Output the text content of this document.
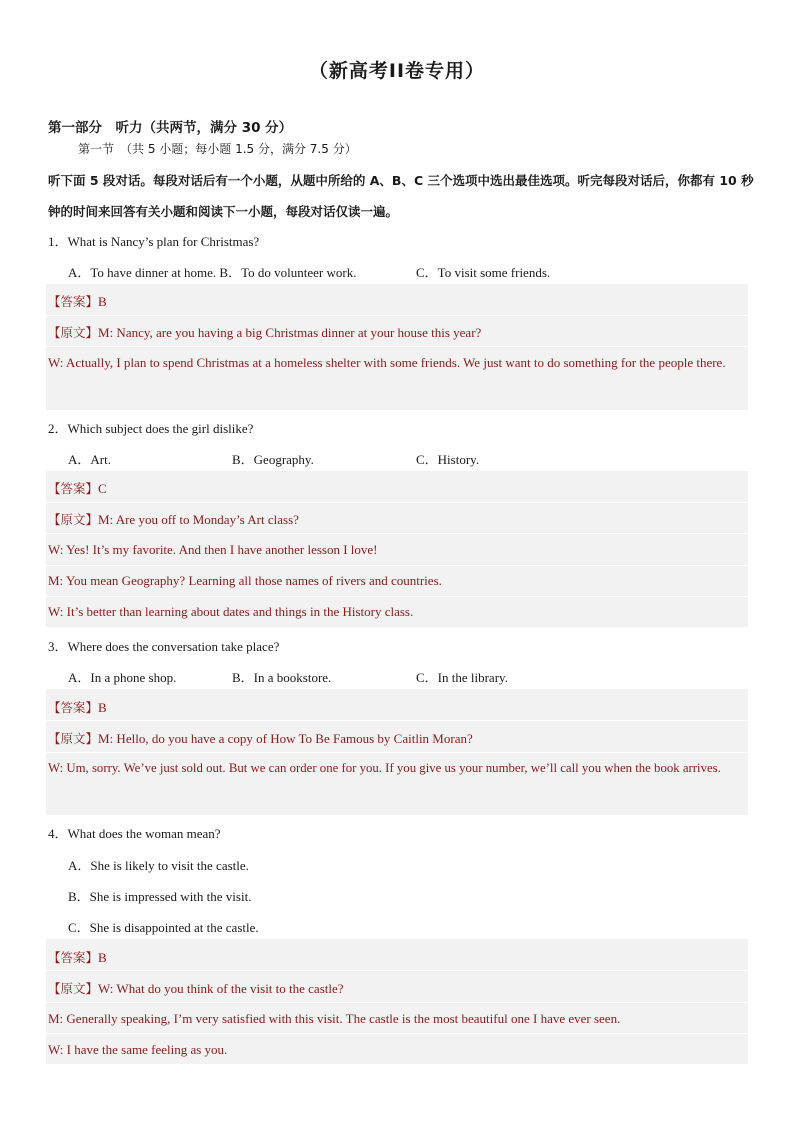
（新高考II卷专用）
第一部分　听力（共两节，满分 30 分）
第一节　（共 5 小题；每小题 1.5 分，满分 7.5 分）
听下面 5 段对话。每段对话后有一个小题，从题中所给的 A、B、C 三个选项中选出最佳选项。听完每段对话后，你都有 10 秒钟的时间来回答有关小题和阅读下一小题，每段对话仅读一遍。
1．What is Nancy’s plan for Christmas?
A．To have dinner at home. B．To do volunteer work.	C．To visit some friends.
【答案】B
【原文】M: Nancy, are you having a big Christmas dinner at your house this year?
W: Actually, I plan to spend Christmas at a homeless shelter with some friends. We just want to do something for the people there.
2．Which subject does the girl dislike?
A．Art.	B．Geography.	C．History.
【答案】C
【原文】M: Are you off to Monday’s Art class?
W: Yes! It’s my favorite. And then I have another lesson I love!
M: You mean Geography? Learning all those names of rivers and countries.
W: It’s better than learning about dates and things in the History class.
3．Where does the conversation take place?
A．In a phone shop.	B．In a bookstore.	C．In the library.
【答案】B
【原文】M: Hello, do you have a copy of How To Be Famous by Caitlin Moran?
W: Um, sorry. We’ve just sold out. But we can order one for you. If you give us your number, we’ll call you when the book arrives.
4．What does the woman mean?
A．She is likely to visit the castle.
B．She is impressed with the visit.
C．She is disappointed at the castle.
【答案】B
【原文】W: What do you think of the visit to the castle?
M: Generally speaking, I’m very satisfied with this visit. The castle is the most beautiful one I have ever seen.
W: I have the same feeling as you.
